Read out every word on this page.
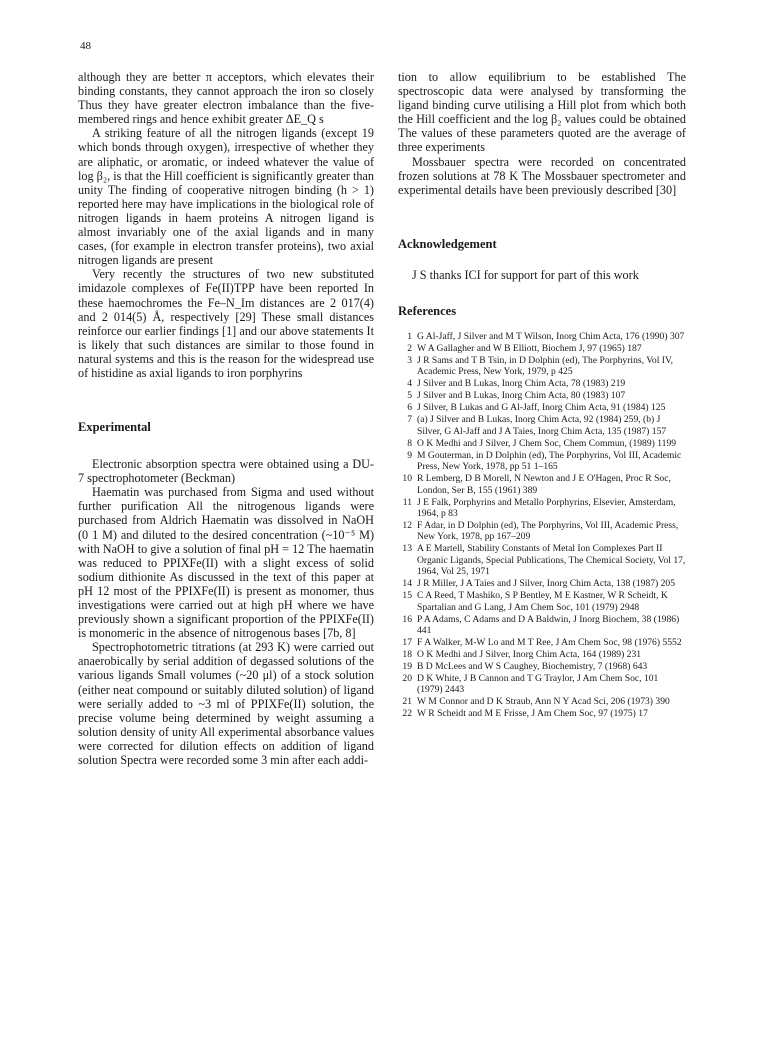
48

although they are better π acceptors, which elevates their binding constants, they cannot approach the iron so closely Thus they have greater electron imbalance than the five-membered rings and hence exhibit greater ΔE_Q s

A striking feature of all the nitrogen ligands (except 19 which bonds through oxygen), irrespective of whether they are aliphatic, or aromatic, or indeed whatever the value of log β₂, is that the Hill coefficient is significantly greater than unity The finding of cooperative nitrogen binding (h > 1) reported here may have implications in the biological role of nitrogen ligands in haem proteins A nitrogen ligand is almost invariably one of the axial ligands and in many cases, (for example in electron transfer proteins), two axial nitrogen ligands are present

Very recently the structures of two new substituted imidazole complexes of Fe(II)TPP have been reported In these haemochromes the Fe–N_Im distances are 2 017(4) and 2 014(5) Å, respectively [29] These small distances reinforce our earlier findings [1] and our above statements It is likely that such distances are similar to those found in natural systems and this is the reason for the widespread use of histidine as axial ligands to iron porphyrins

Experimental

Electronic absorption spectra were obtained using a DU-7 spectrophotometer (Beckman)

Haematin was purchased from Sigma and used without further purification All the nitrogenous ligands were purchased from Aldrich Haematin was dissolved in NaOH (0 1 M) and diluted to the desired concentration (~10⁻⁵ M) with NaOH to give a solution of final pH = 12 The haematin was reduced to PPIXFe(II) with a slight excess of solid sodium dithionite As discussed in the text of this paper at pH 12 most of the PPIXFe(II) is present as monomer, thus investigations were carried out at high pH where we have previously shown a significant proportion of the PPIXFe(II) is monomeric in the absence of nitrogenous bases [7b, 8]

Spectrophotometric titrations (at 293 K) were carried out anaerobically by serial addition of degassed solutions of the various ligands Small volumes (~20 μl) of a stock solution (either neat compound or suitably diluted solution) of ligand were serially added to ~3 ml of PPIXFe(II) solution, the precise volume being determined by weight assuming a solution density of unity All experimental absorbance values were corrected for dilution effects on addition of ligand solution Spectra were recorded some 3 min after each addi-

tion to allow equilibrium to be established The spectroscopic data were analysed by transforming the ligand binding curve utilising a Hill plot from which both the Hill coefficient and the log β₂ values could be obtained The values of these parameters quoted are the average of three experiments

Mossbauer spectra were recorded on concentrated frozen solutions at 78 K The Mossbauer spectrometer and experimental details have been previously described [30]

Acknowledgement

J S thanks ICI for support for part of this work

References

1 G Al-Jaff, J Silver and M T Wilson, Inorg Chim Acta, 176 (1990) 307
2 W A Gallagher and W B Elliott, Biochem J, 97 (1965) 187
3 J R Sams and T B Tsin, in D Dolphin (ed), The Porphyrins, Vol IV, Academic Press, New York, 1979, p 425
4 J Silver and B Lukas, Inorg Chim Acta, 78 (1983) 219
5 J Silver and B Lukas, Inorg Chim Acta, 80 (1983) 107
6 J Silver, B Lukas and G Al-Jaff, Inorg Chim Acta, 91 (1984) 125
7 (a) J Silver and B Lukas, Inorg Chim Acta, 92 (1984) 259, (b) J Silver, G Al-Jaff and J A Taies, Inorg Chim Acta, 135 (1987) 157
8 O K Medhi and J Silver, J Chem Soc, Chem Commun, (1989) 1199
9 M Gouterman, in D Dolphin (ed), The Porphyrins, Vol III, Academic Press, New York, 1978, pp 51 1–165
10 R Lemberg, D B Morell, N Newton and J E O'Hagen, Proc R Soc, London, Ser B, 155 (1961) 389
11 J E Falk, Porphyrins and Metallo Porphyrins, Elsevier, Amsterdam, 1964, p 83
12 F Adar, in D Dolphin (ed), The Porphyrins, Vol III, Academic Press, New York, 1978, pp 167–209
13 A E Martell, Stability Constants of Metal Ion Complexes Part II Organic Ligands, Special Publications, The Chemical Society, Vol 17, 1964, Vol 25, 1971
14 J R Miller, J A Taies and J Silver, Inorg Chim Acta, 138 (1987) 205
15 C A Reed, T Mashiko, S P Bentley, M E Kastner, W R Scheidt, K Spartalian and G Lang, J Am Chem Soc, 101 (1979) 2948
16 P A Adams, C Adams and D A Baldwin, J Inorg Biochem, 38 (1986) 441
17 F A Walker, M-W Lo and M T Ree, J Am Chem Soc, 98 (1976) 5552
18 O K Medhi and J Silver, Inorg Chim Acta, 164 (1989) 231
19 B D McLees and W S Caughey, Biochemistry, 7 (1968) 643
20 D K White, J B Cannon and T G Traylor, J Am Chem Soc, 101 (1979) 2443
21 W M Connor and D K Straub, Ann N Y Acad Sci, 206 (1973) 390
22 W R Scheidt and M E Frisse, J Am Chem Soc, 97 (1975) 17
